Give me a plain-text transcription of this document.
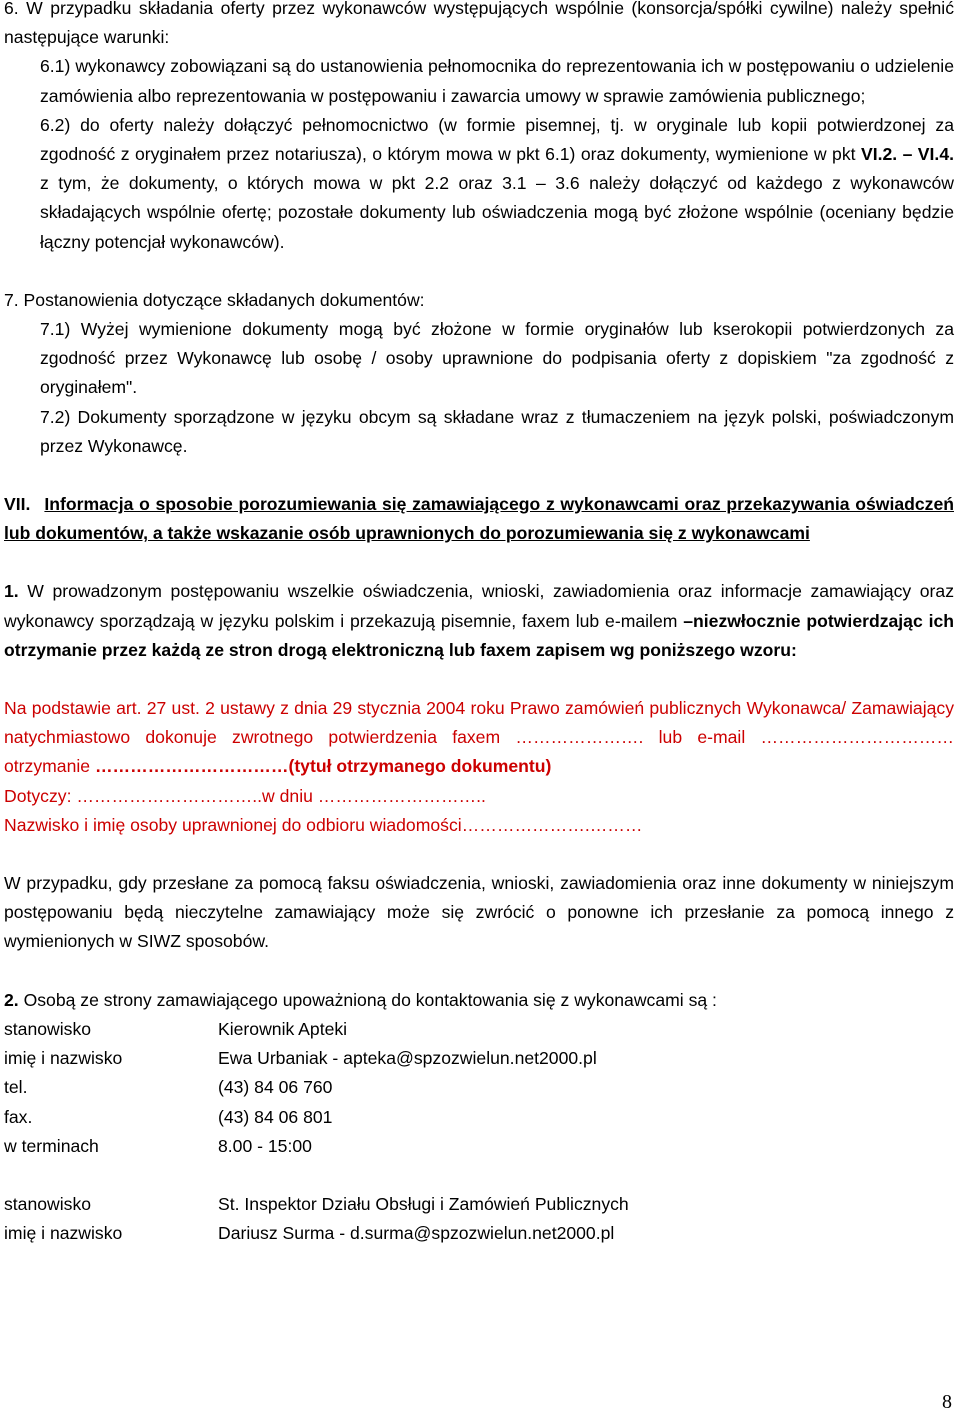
6. W przypadku składania oferty przez wykonawców występujących wspólnie (konsorcja/spółki cywilne) należy spełnić następujące warunki:

6.1) wykonawcy zobowiązani są do ustanowienia pełnomocnika do reprezentowania ich w postępowaniu o udzielenie zamówienia albo reprezentowania w postępowaniu i zawarcia umowy w sprawie zamówienia publicznego;

6.2) do oferty należy dołączyć pełnomocnictwo (w formie pisemnej, tj. w oryginale lub kopii potwierdzonej za zgodność z oryginałem przez notariusza), o którym mowa w pkt 6.1) oraz dokumenty, wymienione w pkt VI.2. – VI.4. z tym, że dokumenty, o których mowa w pkt 2.2 oraz 3.1 – 3.6 należy dołączyć od każdego z wykonawców składających wspólnie ofertę; pozostałe dokumenty lub oświadczenia mogą być złożone wspólnie (oceniany będzie łączny potencjał wykonawców).

7. Postanowienia dotyczące składanych dokumentów:

7.1) Wyżej wymienione dokumenty mogą być złożone w formie oryginałów lub kserokopii potwierdzonych za zgodność przez Wykonawcę lub osobę / osoby uprawnione do podpisania oferty z dopiskiem "za zgodność z oryginałem".

7.2) Dokumenty sporządzone w języku obcym są składane wraz z tłumaczeniem na język polski, poświadczonym przez Wykonawcę.

VII. Informacja o sposobie porozumiewania się zamawiającego z wykonawcami oraz przekazywania oświadczeń lub dokumentów, a także wskazanie osób uprawnionych do porozumiewania się z wykonawcami

1. W prowadzonym postępowaniu wszelkie oświadczenia, wnioski, zawiadomienia oraz informacje zamawiający oraz wykonawcy sporządzają w języku polskim i przekazują pisemnie, faxem lub e-mailem –niezwłocznie potwierdzając ich otrzymanie przez każdą ze stron drogą elektroniczną lub faxem zapisem wg poniższego wzoru:

Na podstawie art. 27 ust. 2 ustawy z dnia 29 stycznia 2004 roku Prawo zamówień publicznych Wykonawca/ Zamawiający natychmiastowo dokonuje zwrotnego potwierdzenia faxem …………………. lub e-mail ……………………………otrzymanie ……………………………(tytuł otrzymanego dokumentu)

Dotyczy: …………………………..w dniu ………………………..

Nazwisko i imię osoby uprawnionej do odbioru wiadomości………………….………

W przypadku, gdy przesłane za pomocą faksu oświadczenia, wnioski, zawiadomienia oraz inne dokumenty w niniejszym postępowaniu będą nieczytelne zamawiający może się zwrócić o ponowne ich przesłanie za pomocą innego z wymienionych w SIWZ sposobów.

2. Osobą ze strony zamawiającego upoważnioną do kontaktowania się z wykonawcami są :

stanowisko	Kierownik Apteki
imię i nazwisko	Ewa Urbaniak - apteka@spzozwielun.net2000.pl
tel.	(43) 84 06 760
fax.	(43) 84 06 801
w terminach	8.00 - 15:00
stanowisko	St. Inspektor Działu Obsługi i Zamówień Publicznych
imię i nazwisko	Dariusz Surma - d.surma@spzozwielun.net2000.pl
8
